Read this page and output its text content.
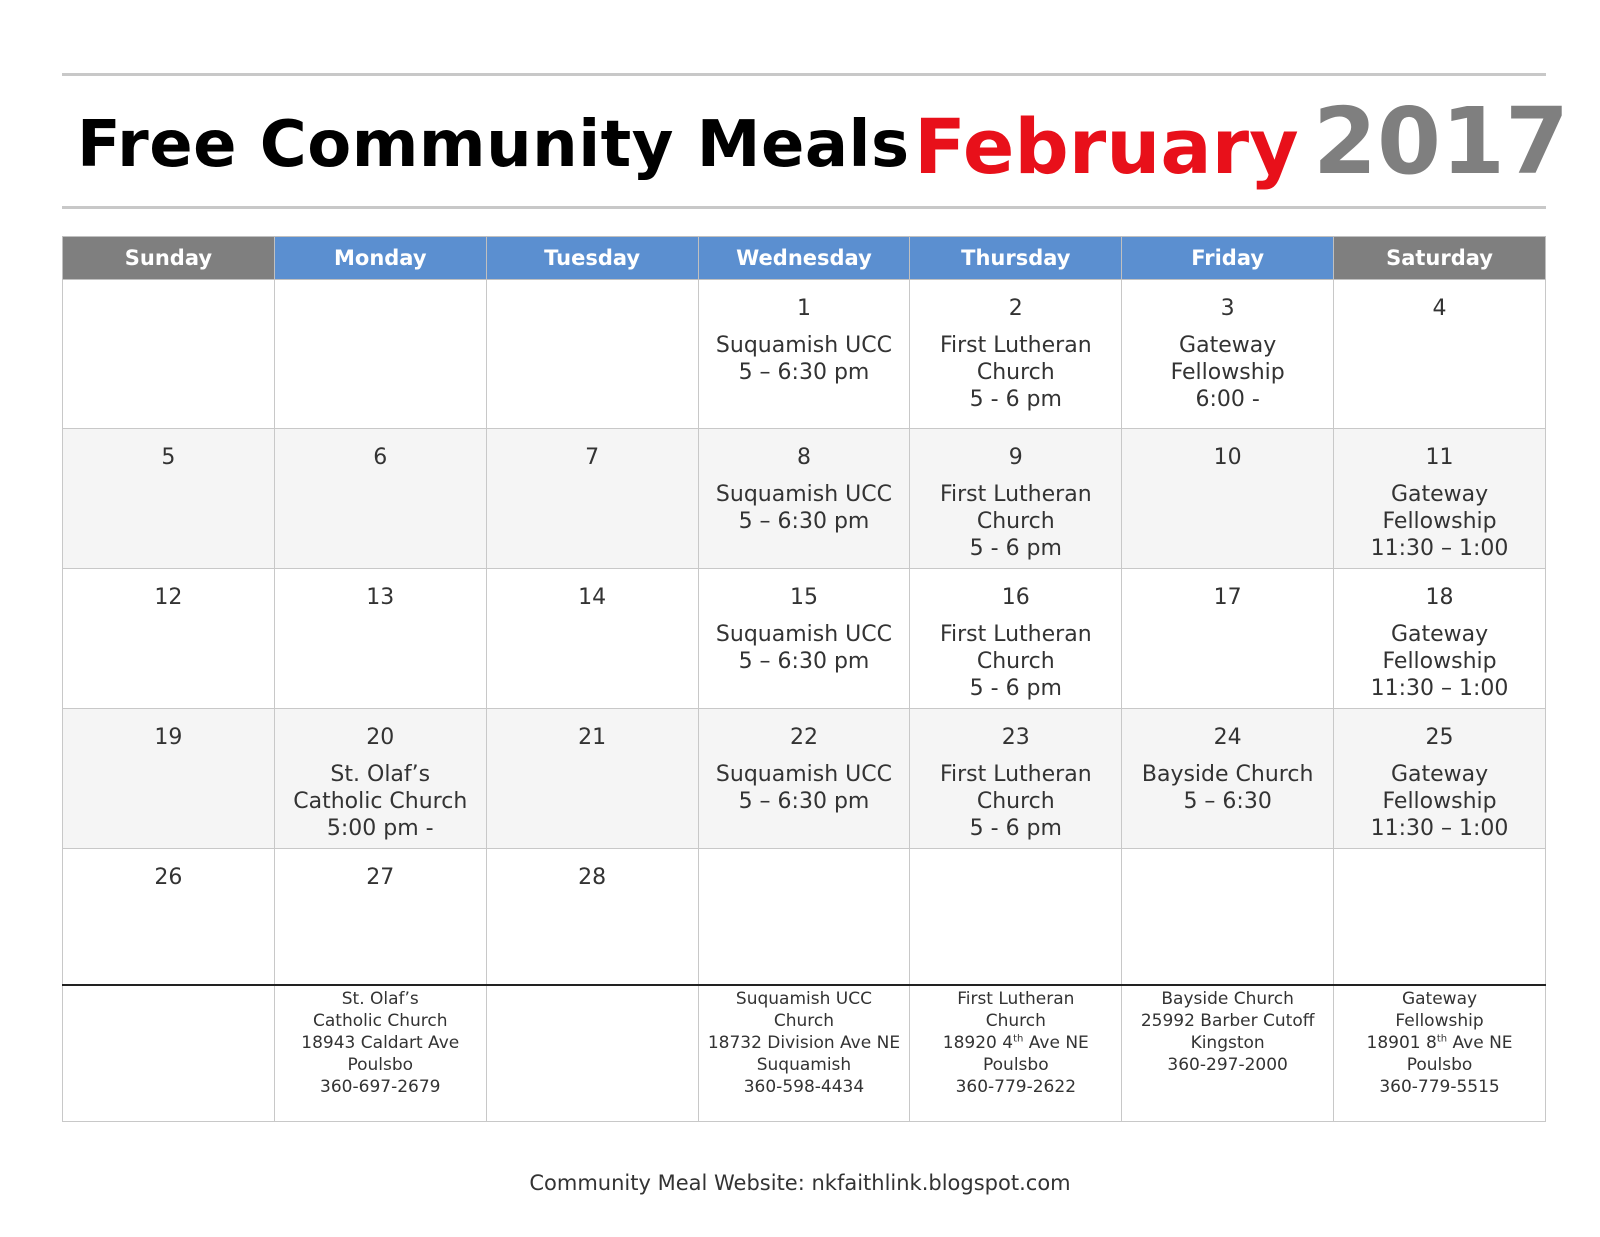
Free Community Meals February 2017
Sunday	Monday	Tuesday	Wednesday	Thursday	Friday	Saturday

			1
Suquamish UCC
5 – 6:30 pm	2
First Lutheran
Church
5 - 6 pm	3
Gateway
Fellowship
6:00 -	4

5	6	7	8
Suquamish UCC
5 – 6:30 pm	9
First Lutheran
Church
5 - 6 pm	10	11
Gateway
Fellowship
11:30 – 1:00

12	13	14	15
Suquamish UCC
5 – 6:30 pm	16
First Lutheran
Church
5 - 6 pm	17	18
Gateway
Fellowship
11:30 – 1:00

19	20
St. Olaf’s
Catholic Church
5:00 pm -	21	22
Suquamish UCC
5 – 6:30 pm	23
First Lutheran
Church
5 - 6 pm	24
Bayside Church
5 – 6:30	25
Gateway
Fellowship
11:30 – 1:00

26	27	28				

	St. Olaf’s
Catholic Church
18943 Caldart Ave
Poulsbo
360-697-2679		Suquamish UCC
Church
18732 Division Ave NE
Suquamish
360-598-4434	First Lutheran
Church
18920 4th Ave NE
Poulsbo
360-779-2622	Bayside Church
25992 Barber Cutoff
Kingston
360-297-2000	Gateway
Fellowship
18901 8th Ave NE
Poulsbo
360-779-5515
Community Meal Website: nkfaithlink.blogspot.com
